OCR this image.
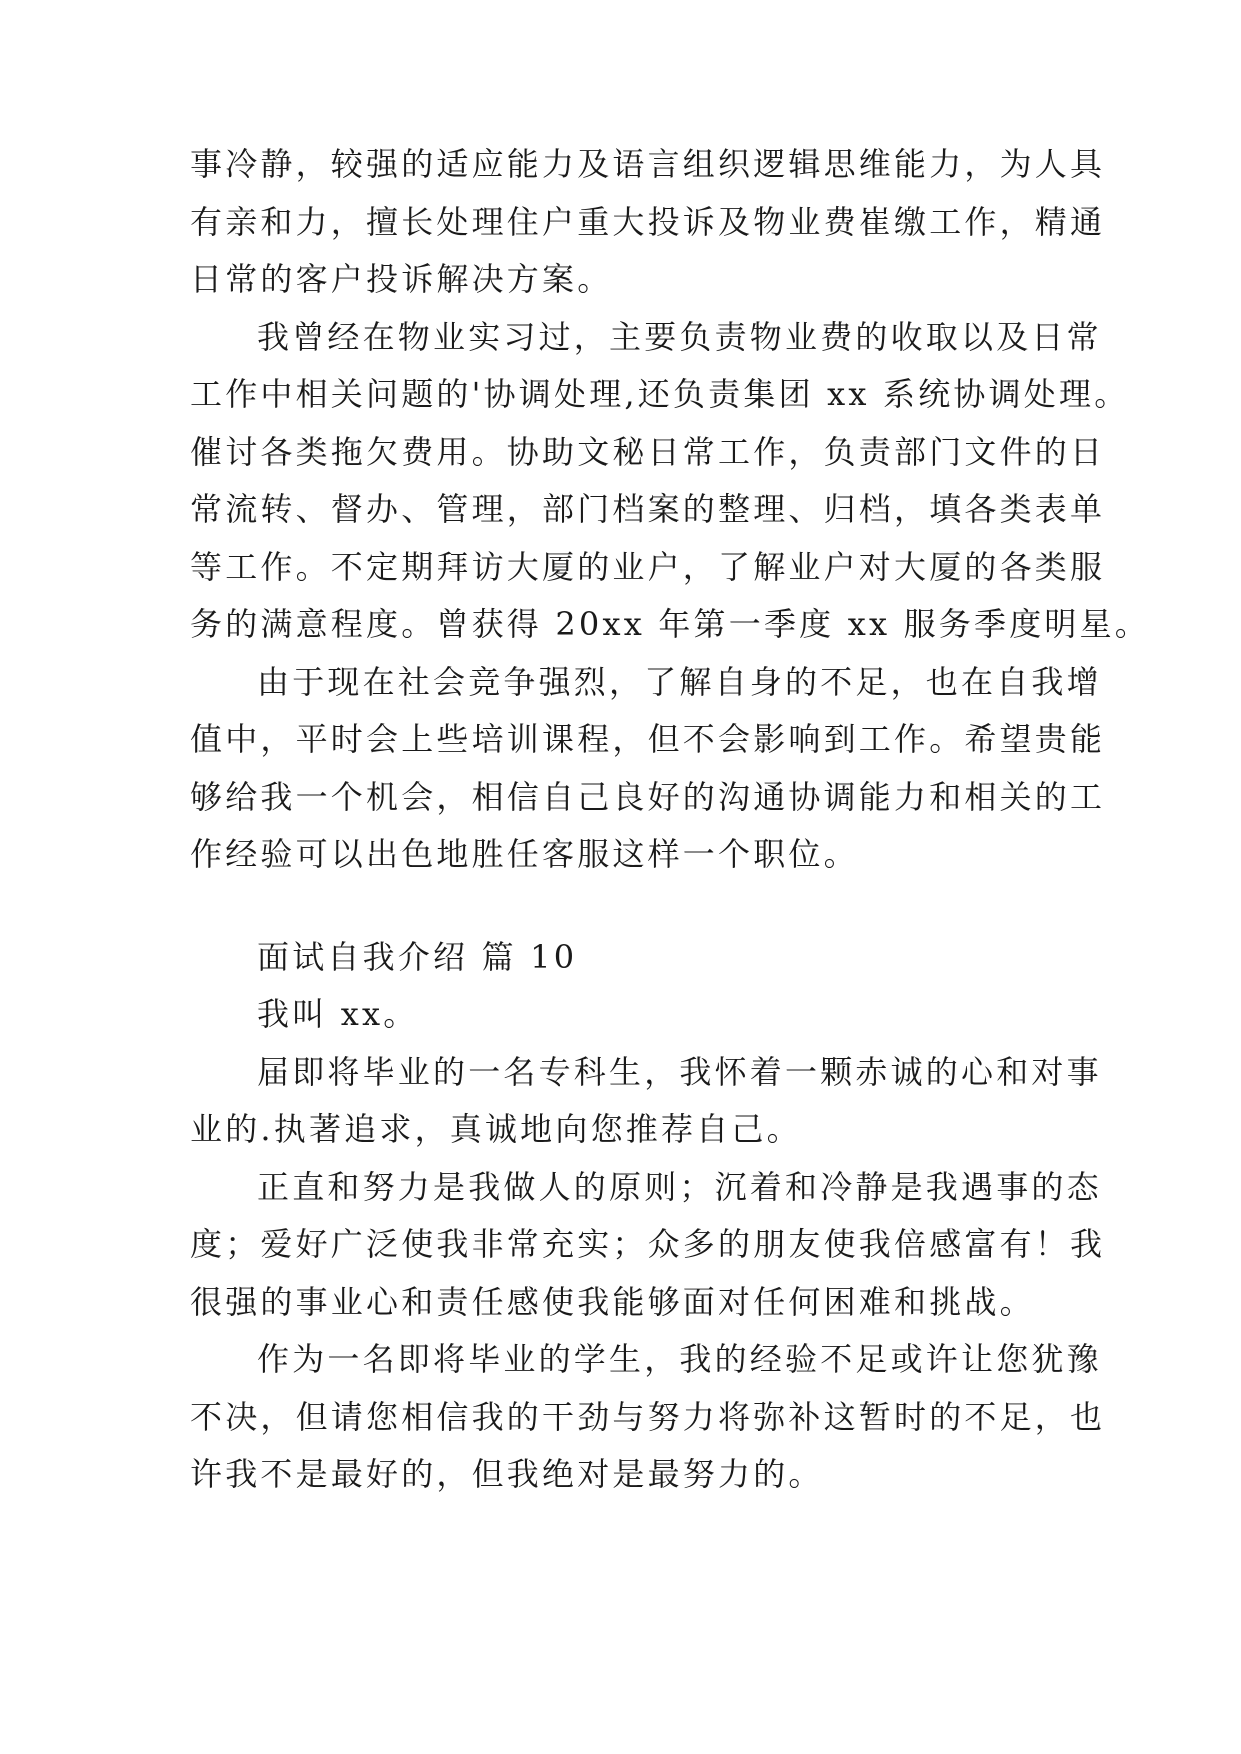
事冷静，较强的适应能力及语言组织逻辑思维能力，为人具
有亲和力，擅长处理住户重大投诉及物业费崔缴工作，精通
日常的客户投诉解决方案。
我曾经在物业实习过，主要负责物业费的收取以及日常
工作中相关问题的'协调处理,还负责集团 xx 系统协调处理。
催讨各类拖欠费用。协助文秘日常工作，负责部门文件的日
常流转、督办、管理，部门档案的整理、归档，填各类表单
等工作。不定期拜访大厦的业户，了解业户对大厦的各类服
务的满意程度。曾获得 20xx 年第一季度 xx 服务季度明星。
由于现在社会竞争强烈，了解自身的不足，也在自我增
值中，平时会上些培训课程，但不会影响到工作。希望贵能
够给我一个机会，相信自己良好的沟通协调能力和相关的工
作经验可以出色地胜任客服这样一个职位。
面试自我介绍 篇 10
我叫 xx。
届即将毕业的一名专科生，我怀着一颗赤诚的心和对事
业的.执著追求，真诚地向您推荐自己。
正直和努力是我做人的原则；沉着和冷静是我遇事的态
度；爱好广泛使我非常充实；众多的朋友使我倍感富有！我
很强的事业心和责任感使我能够面对任何困难和挑战。
作为一名即将毕业的学生，我的经验不足或许让您犹豫
不决，但请您相信我的干劲与努力将弥补这暂时的不足，也
许我不是最好的，但我绝对是最努力的。
